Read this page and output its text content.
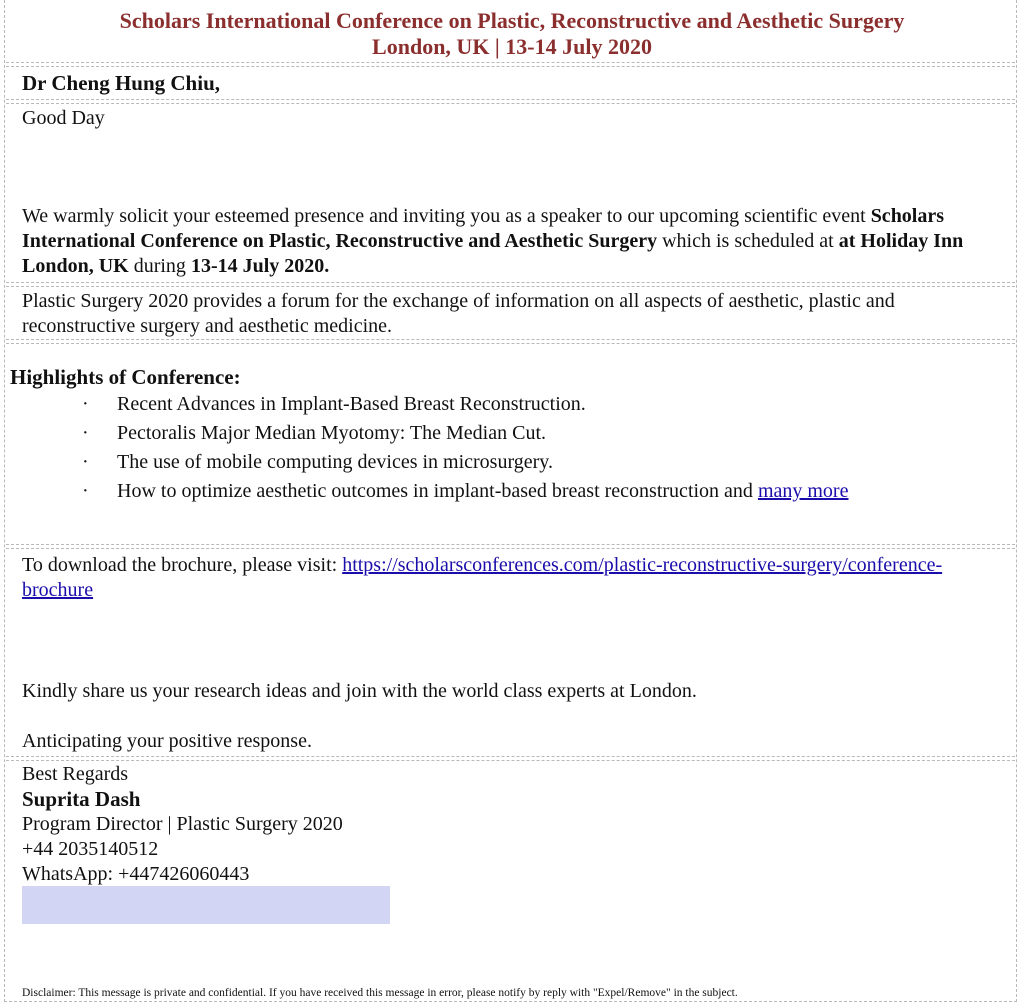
Scholars International Conference on Plastic, Reconstructive and Aesthetic Surgery
London, UK | 13-14 July 2020
Dr Cheng Hung Chiu,
Good Day
We warmly solicit your esteemed presence and inviting you as a speaker to our upcoming scientific event Scholars International Conference on Plastic, Reconstructive and Aesthetic Surgery which is scheduled at at Holiday Inn London, UK during 13-14 July 2020.
Plastic Surgery 2020 provides a forum for the exchange of information on all aspects of aesthetic, plastic and reconstructive surgery and aesthetic medicine.
Highlights of Conference:
· Recent Advances in Implant-Based Breast Reconstruction.
· Pectoralis Major Median Myotomy: The Median Cut.
· The use of mobile computing devices in microsurgery.
· How to optimize aesthetic outcomes in implant-based breast reconstruction and many more
To download the brochure, please visit: https://scholarsconferences.com/plastic-reconstructive-surgery/conference-brochure
Kindly share us your research ideas and join with the world class experts at London.
Anticipating your positive response.
Best Regards
Suprita Dash
Program Director | Plastic Surgery 2020
+44 2035140512
WhatsApp: +447426060443
Disclaimer: This message is private and confidential. If you have received this message in error, please notify by reply with "Expel/Remove" in the subject.
